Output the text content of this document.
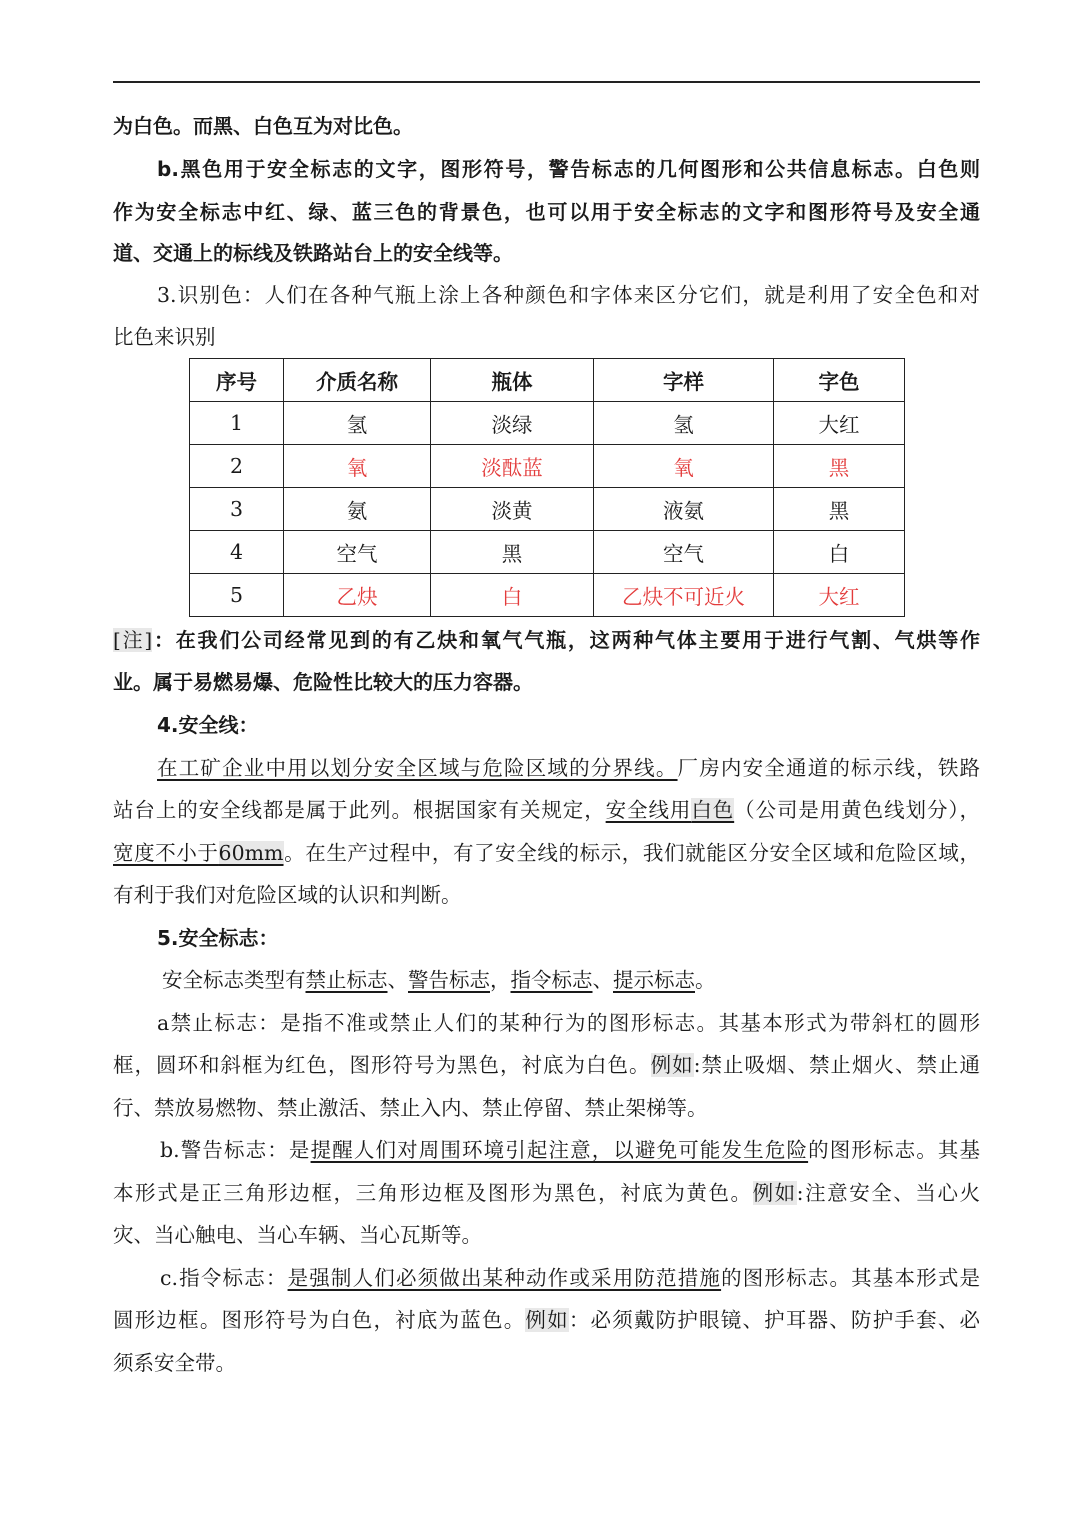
为白色。而黑、白色互为对比色。
b.黑色用于安全标志的文字，图形符号，警告标志的几何图形和公共信息标志。白色则
作为安全标志中红、绿、蓝三色的背景色，也可以用于安全标志的文字和图形符号及安全通
道、交通上的标线及铁路站台上的安全线等。
3.识别色：人们在各种气瓶上涂上各种颜色和字体来区分它们，就是利用了安全色和对
比色来识别
序号	介质名称	瓶体	字样	字色
1	氢	淡绿	氢	大红
2	氧	淡酞蓝	氧	黑
3	氨	淡黄	液氨	黑
4	空气	黑	空气	白
5	乙炔	白	乙炔不可近火	大红
[注]：在我们公司经常见到的有乙炔和氧气气瓶，这两种气体主要用于进行气割、气烘等作
业。属于易燃易爆、危险性比较大的压力容器。
4.安全线：
在工矿企业中用以划分安全区域与危险区域的分界线。厂房内安全通道的标示线，铁路
站台上的安全线都是属于此列。根据国家有关规定，安全线用白色（公司是用黄色线划分），
宽度不小于60mm。在生产过程中，有了安全线的标示，我们就能区分安全区域和危险区域，
有利于我们对危险区域的认识和判断。
5.安全标志：
安全标志类型有禁止标志、警告标志，指令标志、提示标志。
a禁止标志：是指不准或禁止人们的某种行为的图形标志。其基本形式为带斜杠的圆形
框，圆环和斜框为红色，图形符号为黑色，衬底为白色。例如:禁止吸烟、禁止烟火、禁止通
行、禁放易燃物、禁止激活、禁止入内、禁止停留、禁止架梯等。
b.警告标志：是提醒人们对周围环境引起注意，以避免可能发生危险的图形标志。其基
本形式是正三角形边框，三角形边框及图形为黑色，衬底为黄色。例如:注意安全、当心火
灾、当心触电、当心车辆、当心瓦斯等。
c.指令标志：是强制人们必须做出某种动作或采用防范措施的图形标志。其基本形式是
圆形边框。图形符号为白色，衬底为蓝色。例如：必须戴防护眼镜、护耳器、防护手套、必
须系安全带。
